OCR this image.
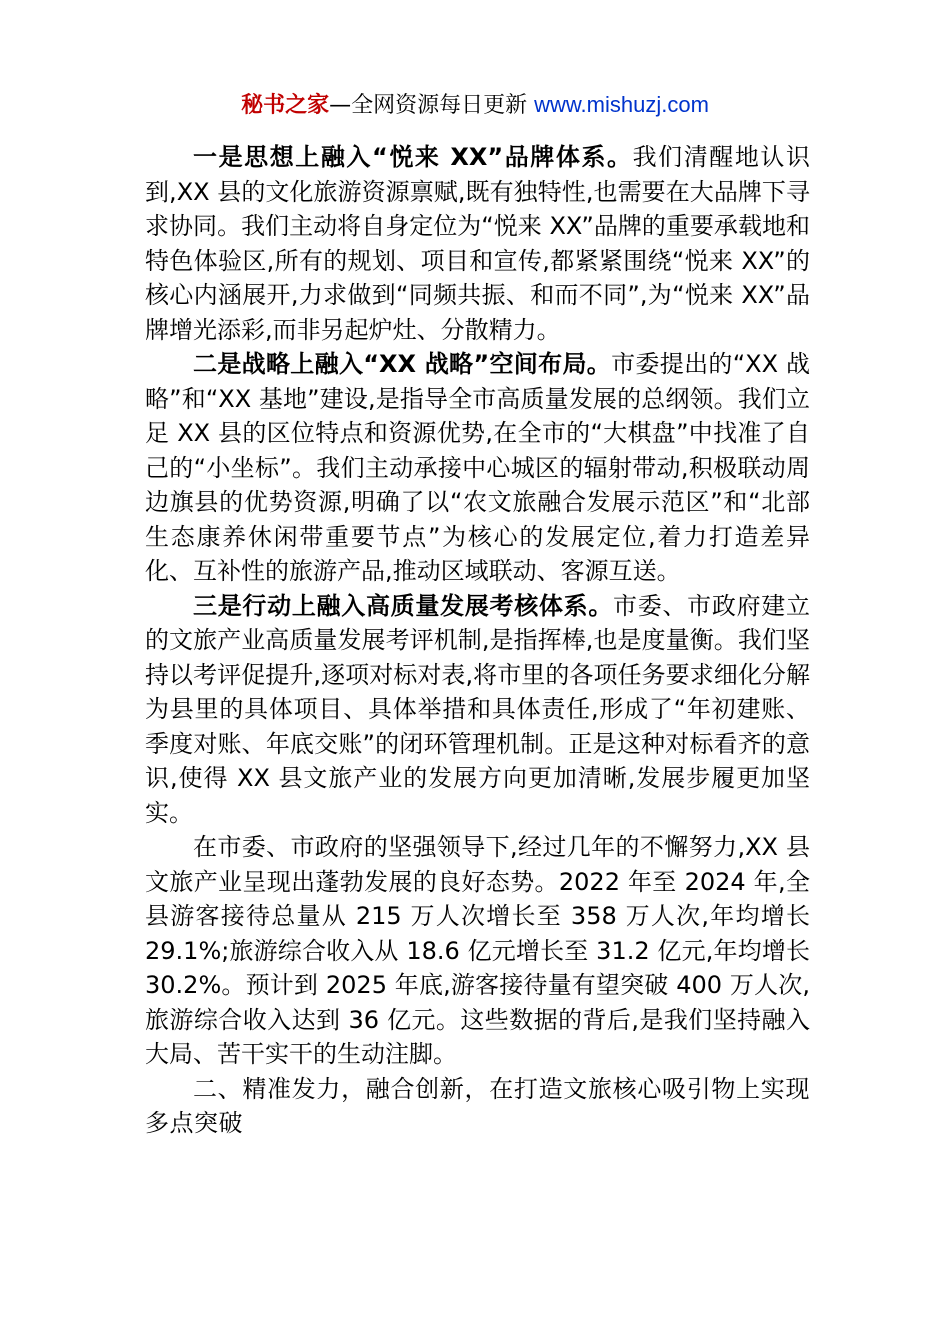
秘书之家—全网资源每日更新 www.mishuzj.com

一是思想上融入“悦来 XX”品牌体系。我们清醒地认识到,XX 县的文化旅游资源禀赋,既有独特性,也需要在大品牌下寻求协同。我们主动将自身定位为“悦来 XX”品牌的重要承载地和特色体验区,所有的规划、项目和宣传,都紧紧围绕“悦来 XX”的核心内涵展开,力求做到“同频共振、和而不同”,为“悦来 XX”品牌增光添彩,而非另起炉灶、分散精力。

二是战略上融入“XX 战略”空间布局。市委提出的“XX 战略”和“XX 基地”建设,是指导全市高质量发展的总纲领。我们立足 XX 县的区位特点和资源优势,在全市的“大棋盘”中找准了自己的“小坐标”。我们主动承接中心城区的辐射带动,积极联动周边旗县的优势资源,明确了以“农文旅融合发展示范区”和“北部生态康养休闲带重要节点”为核心的发展定位,着力打造差异化、互补性的旅游产品,推动区域联动、客源互送。

三是行动上融入高质量发展考核体系。市委、市政府建立的文旅产业高质量发展考评机制,是指挥棒,也是度量衡。我们坚持以考评促提升,逐项对标对表,将市里的各项任务要求细化分解为县里的具体项目、具体举措和具体责任,形成了“年初建账、季度对账、年底交账”的闭环管理机制。正是这种对标看齐的意识,使得 XX 县文旅产业的发展方向更加清晰,发展步履更加坚实。

在市委、市政府的坚强领导下,经过几年的不懈努力,XX 县文旅产业呈现出蓬勃发展的良好态势。2022 年至 2024 年,全县游客接待总量从 215 万人次增长至 358 万人次,年均增长 29.1%;旅游综合收入从 18.6 亿元增长至 31.2 亿元,年均增长 30.2%。预计到 2025 年底,游客接待量有望突破 400 万人次,旅游综合收入达到 36 亿元。这些数据的背后,是我们坚持融入大局、苦干实干的生动注脚。

二、精准发力，融合创新，在打造文旅核心吸引物上实现多点突破
